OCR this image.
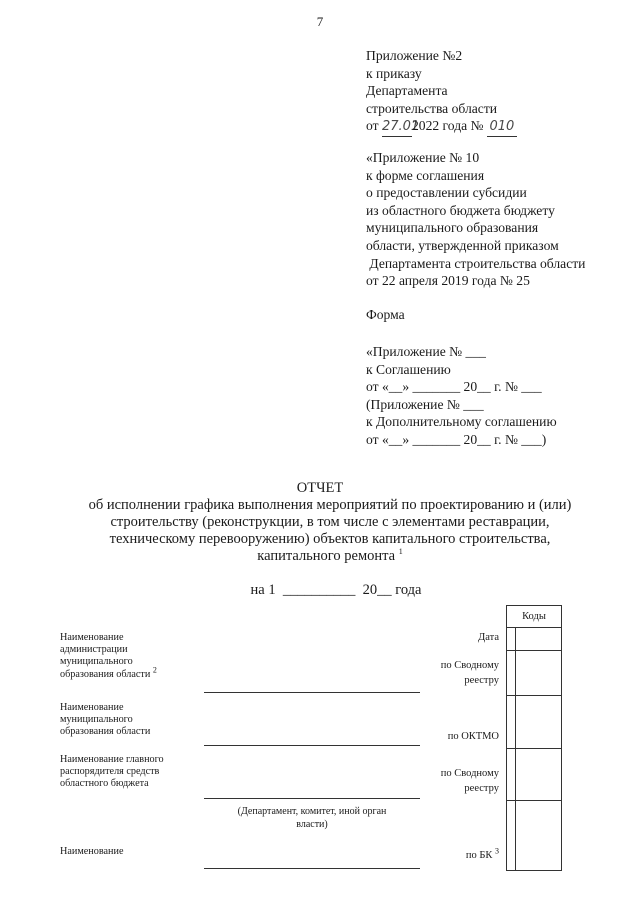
7
Приложение №2
к приказу
Департамента
строительства области
от 27.012022 года № 010
«Приложение № 10
к форме соглашения
о предоставлении субсидии
из областного бюджета бюджету
муниципального образования
области, утвержденной приказом
Департамента строительства области
от 22 апреля 2019 года № 25
Форма
«Приложение № ___
к Соглашению
от «__» _______ 20__ г. № ___
(Приложение № ___
к Дополнительному соглашению
от «__» _______ 20__ г. № ___)
ОТЧЕТ
об исполнении графика выполнения мероприятий по проектированию и (или)
строительству (реконструкции, в том числе с элементами реставрации,
техническому перевооружению) объектов капитального строительства,
капитального ремонта $^1$
на 1 __________ 20__ года
Коды
Наименование
администрации
муниципального
образования области $^2$
Наименование
муниципального
образования области
Наименование главного
распорядителя средств
областного бюджета
Наименование
(Департамент, комитет, иной орган
власти)
Дата
по Сводному
реестру
по ОКТМО
по Сводному
реестру
по БК $^3$
